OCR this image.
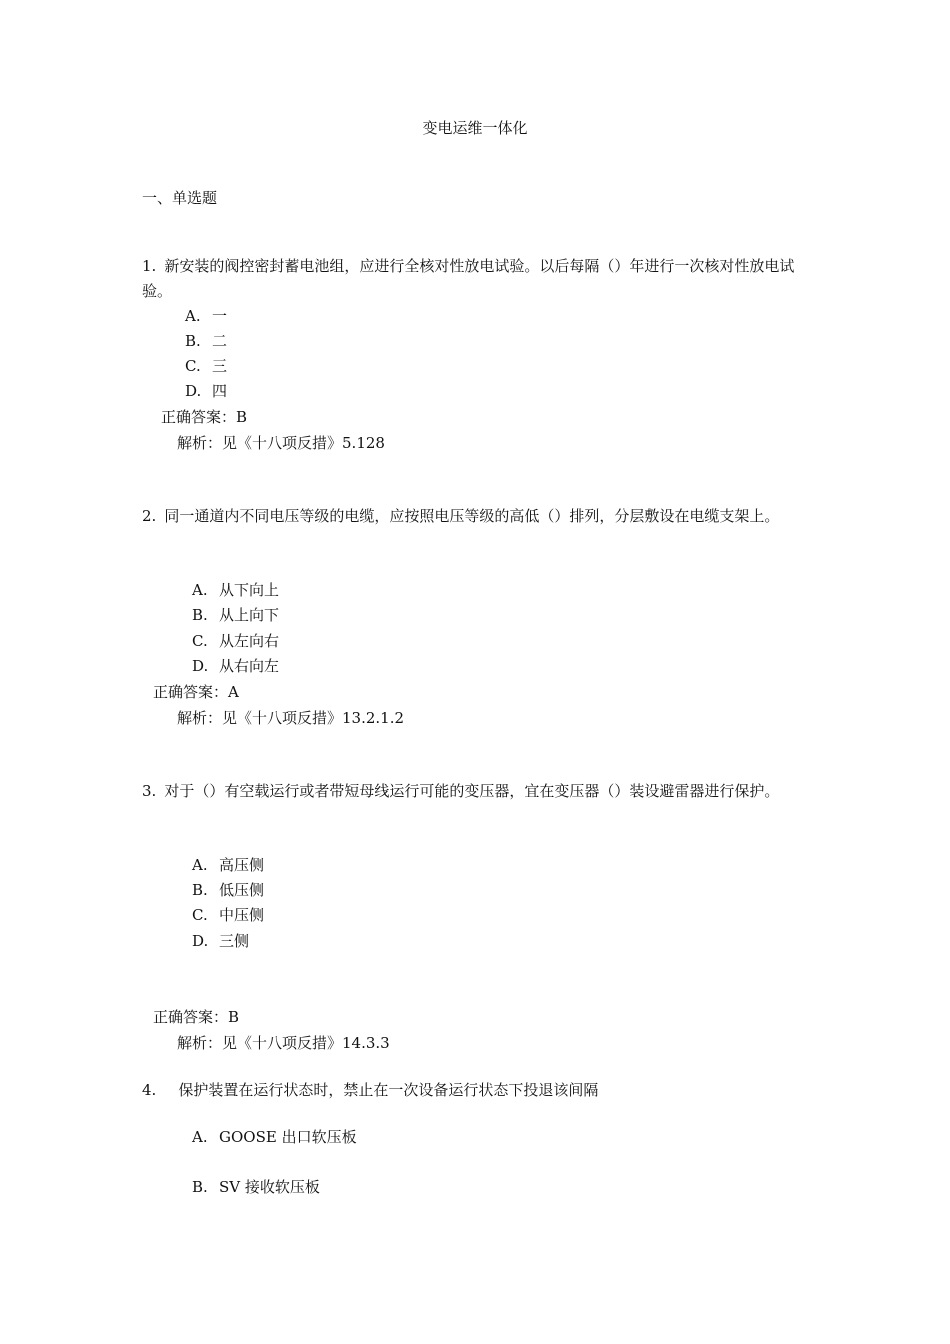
变电运维一体化
一、单选题
1. 新安装的阀控密封蓄电池组，应进行全核对性放电试验。以后每隔（）年进行一次核对性放电试验。
A. 一
B. 二
C. 三
D. 四
正确答案：B
解析：见《十八项反措》5.128
2. 同一通道内不同电压等级的电缆，应按照电压等级的高低（）排列，分层敷设在电缆支架上。
A. 从下向上
B. 从上向下
C. 从左向右
D. 从右向左
正确答案：A
解析：见《十八项反措》13.2.1.2
3. 对于（）有空载运行或者带短母线运行可能的变压器，宜在变压器（）装设避雷器进行保护。
A. 高压侧
B. 低压侧
C. 中压侧
D. 三侧
正确答案：B
解析：见《十八项反措》14.3.3
4. 保护装置在运行状态时，禁止在一次设备运行状态下投退该间隔
A. GOOSE 出口软压板
B. SV 接收软压板
